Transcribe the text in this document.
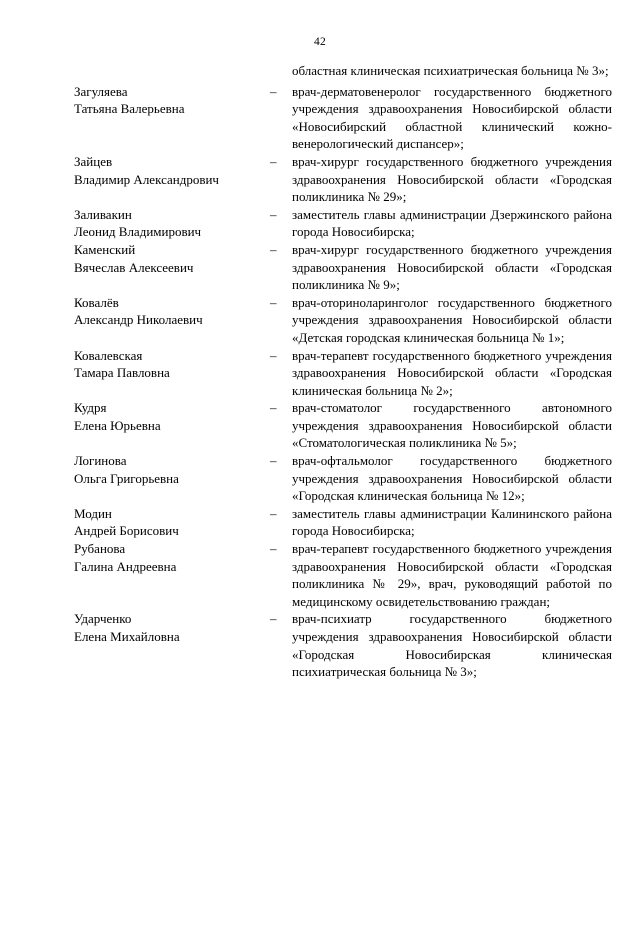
42

областная клиническая психиатрическая больница № 3»;

Загуляева
Татьяна Валерьевна	–	врач-дерматовенеролог государственного бюджетного учреждения здравоохранения Новосибирской области «Новосибирский областной клинический кожно-венерологический диспансер»;

Зайцев
Владимир Александрович	–	врач-хирург государственного бюджетного учреждения здравоохранения Новосибирской области «Городская поликлиника № 29»;

Заливакин
Леонид Владимирович	–	заместитель главы администрации Дзержинского района города Новосибирска;

Каменский
Вячеслав Алексеевич	–	врач-хирург государственного бюджетного учреждения здравоохранения Новосибирской области «Городская поликлиника № 9»;

Ковалёв
Александр Николаевич	–	врач-оториноларинголог государственного бюджетного учреждения здравоохранения Новосибирской области «Детская городская клиническая больница № 1»;

Ковалевская
Тамара Павловна	–	врач-терапевт государственного бюджетного учреждения здравоохранения Новосибирской области «Городская клиническая больница № 2»;

Кудря
Елена Юрьевна	–	врач-стоматолог государственного автономного учреждения здравоохранения Новосибирской области «Стоматологическая поликлиника № 5»;

Логинова
Ольга Григорьевна	–	врач-офтальмолог государственного бюджетного учреждения здравоохранения Новосибирской области «Городская клиническая больница № 12»;

Модин
Андрей Борисович	–	заместитель главы администрации Калининского района города Новосибирска;

Рубанова
Галина Андреевна	–	врач-терапевт государственного бюджетного учреждения здравоохранения Новосибирской области «Городская поликлиника № 29», врач, руководящий работой по медицинскому освидетельствованию граждан;

Ударченко
Елена Михайловна	–	врач-психиатр государственного бюджетного учреждения здравоохранения Новосибирской области «Городская Новосибирская клиническая психиатрическая больница № 3»;
